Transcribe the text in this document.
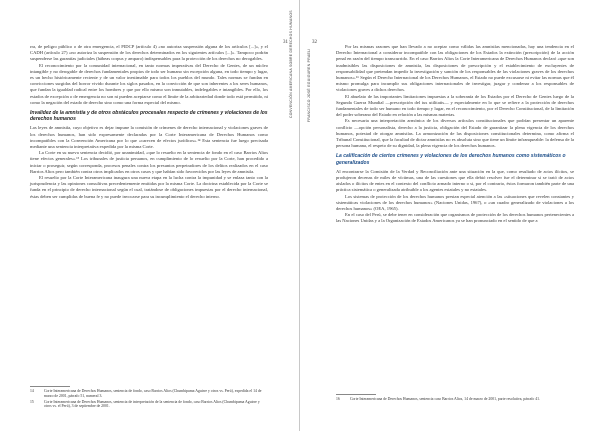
rra, de peligro público o de otra emergencia, el PIDCP (artículo 4) «no autoriza suspensión alguna de los artículos [...]», y el CADH (artículo 27) «no autoriza la suspensión de los derechos determinados en los siguientes artículos [...]». Tampoco podrán suspenderse las garantías judiciales (hábeas corpus y amparo) indispensables para la protección de los derechos no derogables.

El reconocimiento por la comunidad internacional, en tanto normas imperativas del Derecho de Gentes, de un núcleo intangible y no derogable de derechos fundamentales propios de todo ser humano sin excepción alguna, en todo tiempo y lugar, es un hecho históricamente reciente y de un valor inestimable para todos los pueblos del mundo. Tales normas se fundan en convicciones surgidas del horror vivido durante los siglos pasados, en la convicción de que son inherentes a los seres humanos, que fundan la igualdad radical entre los hombres y que por ello mismo son inmutables, indelegables e intangibles. Por ello, los estados de excepción o de emergencia no son ni pueden aceptarse como el límite de la arbitrariedad donde todo está permitido, ni como la negación del estado de derecho sino como una forma especial del mismo.

Invalidez de la amnistía y de otros obstáculos procesales respecto de crímenes y violaciones de los derechos humanos

Las leyes de amnistía, cuyo objetivo es dejar impune la comisión de crímenes de derecho internacional y violaciones graves de los derechos humanos, han sido expresamente declaradas por la Corte Interamericana de Derechos Humanos como incompatibles con la Convención Americana por lo que «carecen de efectos jurídicos».¹⁴ Esta sentencia fue luego precisada mediante una sentencia interpretativa expedida por la misma Corte.

La Corte en su nueva sentencia decidió, por unanimidad, «que lo resuelto en la sentencia de fondo en el caso Barrios Altos tiene efectos generales».¹⁵ Los tribunales de justicia peruanos, en cumplimiento de lo resuelto por la Corte, han procedido a iniciar o proseguir, según corresponda, procesos penales contra los presuntos perpetradores de los delitos realizados en el caso Barrios Altos pero también contra otros implicados en otros casos y que habían sido favorecidos por las leyes de amnistía.

El resuelto por la Corte Interamericana inaugura una nueva etapa en la lucha contra la impunidad y se enlaza tanto con la jurisprudencia y las opiniones consultivas precedentemente emitidas por la misma Corte. La doctrina establecida por la Corte se funda en el principio de derecho internacional según el cual, tratándose de obligaciones impuestas por el derecho internacional, éstas deben ser cumplidas de buena fe y no puede invocarse para su incumplimiento el derecho interno.

31 CONVENCIÓN AMERICANA SOBRE DERECHOS HUMANOS
14	Corte Interamericana de Derechos Humanos, sentencia de fondo, caso Barrios Altos (Chumbipuma Aguirre y otros vs. Perú), expedida el 14 de marzo de 2001, párrafo 51, numeral 3.
15	Corte Interamericana de Derechos Humanos, sentencia de interpretación de la sentencia de fondo, caso Barrios Altos (Chumbipuma Aguirre y otros vs. el Perú), 3 de septiembre de 2001.

Por las mismas razones que han llevado a no aceptar como válidas las amnistías mencionadas, hay una tendencia en el Derecho Internacional a considerar incompatible con las obligaciones de los Estados la extinción (prescripción) de la acción penal en razón del tiempo transcurrido. En el caso Barrios Altos la Corte Interamericana de Derechos Humanos declaró «que son inadmisibles las disposiciones de amnistía, las disposiciones de prescripción y el establecimiento de excluyentes de responsabilidad que pretendan impedir la investigación y sanción de los responsables de las violaciones graves de los derechos humanos».¹⁶ Según el Derecho Internacional de los Derechos Humanos, el Estado no puede excusarse ni evitar las normas que él mismo promulga para incumplir sus obligaciones internacionales de investigar, juzgar y condenar a los responsables de violaciones graves a dichos derechos.

El abuelato de las importantes limitaciones impuestas a la soberanía de los Estados por el Derecho de Gentes luego de la Segunda Guerra Mundial —prescripción del ius utilitatis— y especialmente en lo que se refiere a la protección de derechos fundamentales de todo ser humano en todo tiempo y lugar, en el reconocimiento, por el Derecho Constitucional, de la limitación del poder soberano del Estado en relación a las mismas materias.

Es necesaria una interpretación armónica de los diversos artículos constitucionales que podrían presentar un aparente conflicto —opción personalista, derecho a la justicia, obligación del Estado de garantizar la plena vigencia de los derechos humanos, potestad de otorgar amnistías. La armonización de las disposiciones constitucionales determina, como afirma el Tribunal Constitucional, que la facultad de dictar amnistías no es absoluta sino que tiene un límite infranqueable: la defensa de la persona humana, el respeto de su dignidad, la plena vigencia de los derechos humanos.

La calificación de ciertos crímenes y violaciones de los derechos humanos como sistemáticos o generalizados

Al encontrarse la Comisión de la Verdad y Reconciliación ante una situación en la que, como resultado de actos ilícitos, se produjeron decenas de miles de víctimas, una de las cuestiones que ella debió resolver fue el determinar si se trató de actos aislados o ilícitos de entes en el contexto del conflicto armado interno o si, por el contrario, éstos formaron también parte de una práctica sistemática o generalizada atribuible a los agentes estatales y no estatales.

Los sistemas de protección de los derechos humanos prestan especial atención a las «situaciones que revelen constantes y sistemáticas violaciones de los derechos humanos» (Naciones Unidas, 1967), o «un cuadro generalizado de violaciones a los derechos humanos» (OEA, 1965).

En el caso del Perú, se debe tener en consideración que organismos de protección de los derechos humanos pertenecientes a las Naciones Unidas y a la Organización de Estados Americanos ya se han pronunciado en el sentido de que a

32
FRANCISCO JOSÉ EGUIGUREN PRAELI
16	Corte Interamericana de Derechos Humanos, sentencia caso Barrios Altos, 14 de marzo de 2001, parte resolutiva, párrafo 41.
